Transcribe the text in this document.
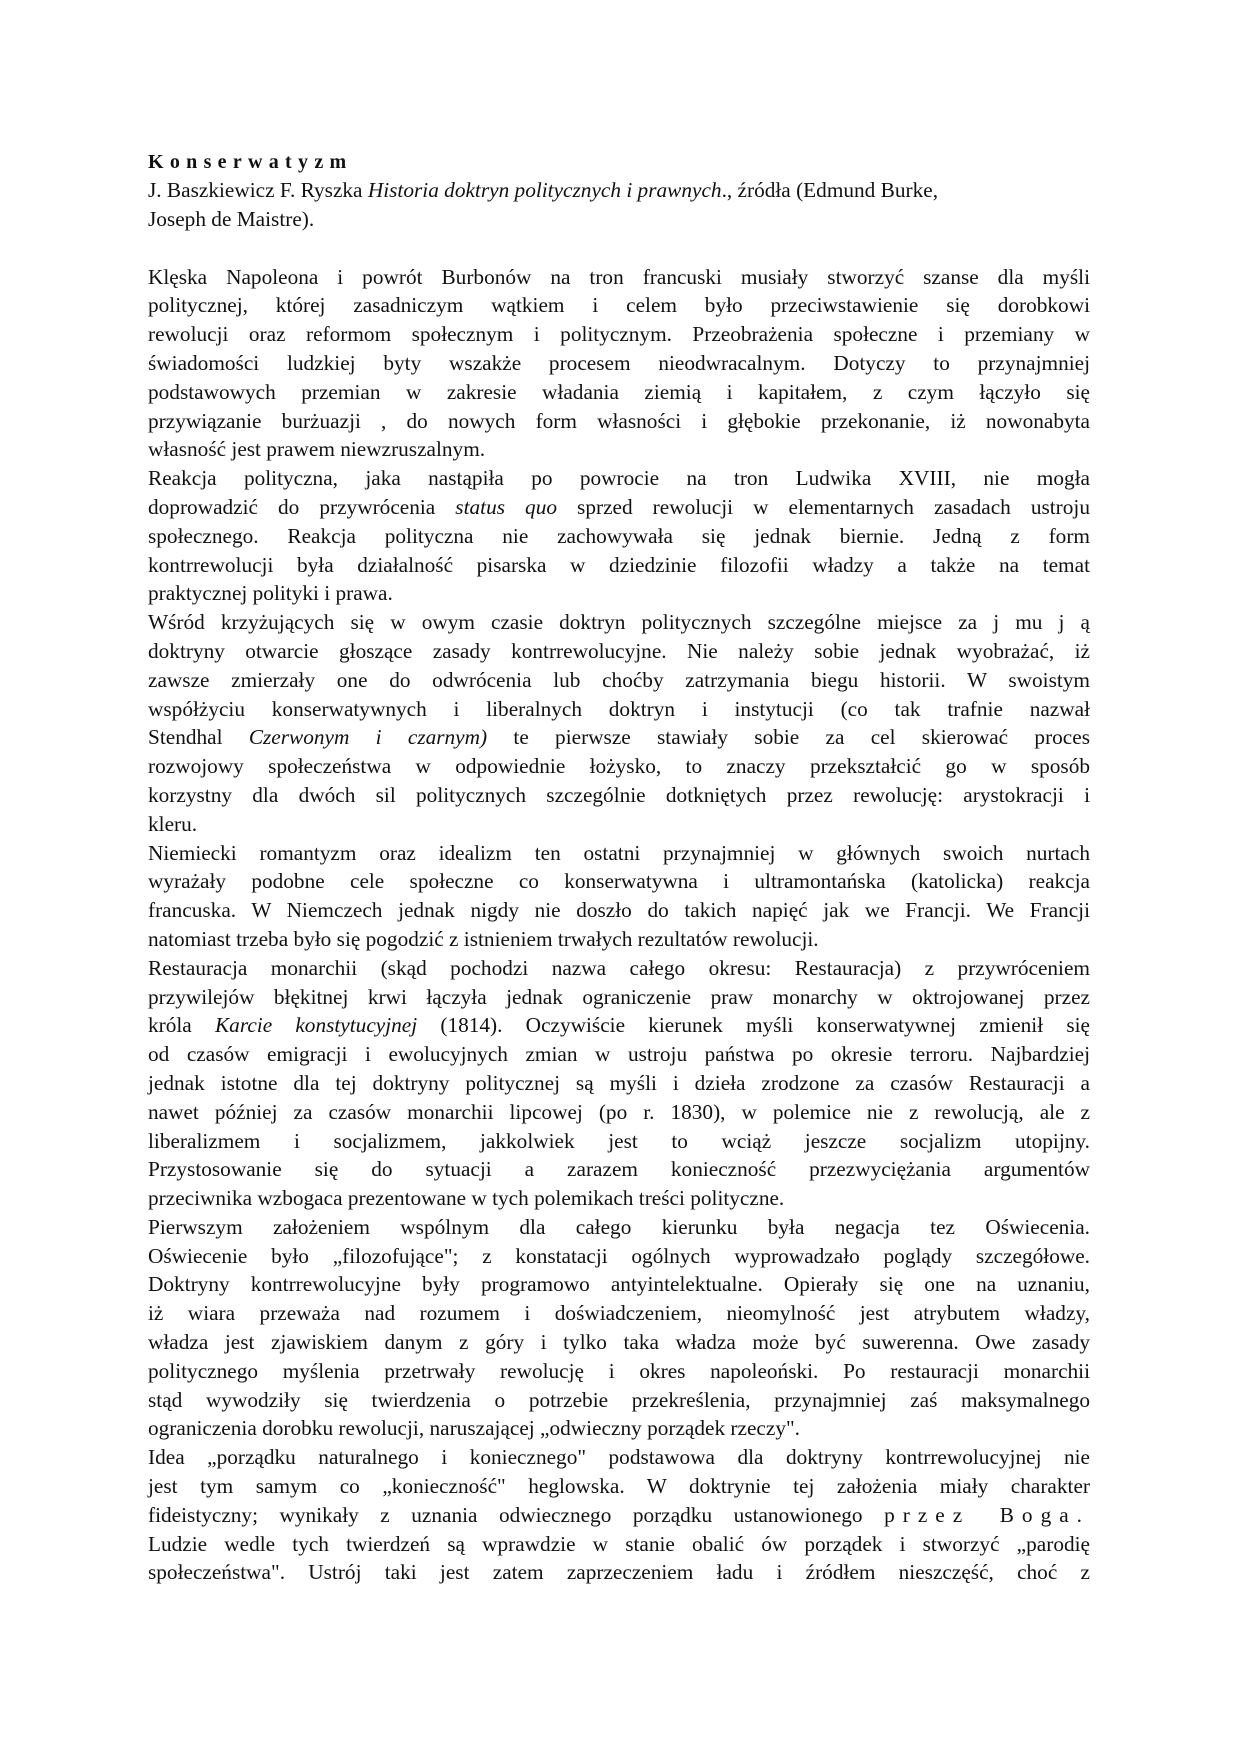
Konserwatyzm

J. Baszkiewicz F. Ryszka Historia doktryn politycznych i prawnych., źródła (Edmund Burke,

Joseph de Maistre).

Klęska Napoleona i powrót Burbonów na tron francuski musiały stworzyć szanse dla myśli

politycznej, której zasadniczym wątkiem i celem było przeciwstawienie się dorobkowi

rewolucji oraz reformom społecznym i politycznym. Przeobrażenia społeczne i przemiany w

świadomości ludzkiej byty wszakże procesem nieodwracalnym. Dotyczy to przynajmniej

podstawowych przemian w zakresie władania ziemią i kapitałem, z czym łączyło się

przywiązanie burżuazji , do nowych form własności i głębokie przekonanie, iż nowonabyta

własność jest prawem niewzruszalnym.

Reakcja polityczna, jaka nastąpiła po powrocie na tron Ludwika XVIII, nie mogła

doprowadzić do przywrócenia status quo sprzed rewolucji w elementarnych zasadach ustroju

społecznego. Reakcja polityczna nie zachowywała się jednak biernie. Jedną z form

kontrrewolucji była działalność pisarska w dziedzinie filozofii władzy a także na temat

praktycznej polityki i prawa.

Wśród krzyżujących się w owym czasie doktryn politycznych szczególne miejsce za j mu j ą

doktryny otwarcie głoszące zasady kontrrewolucyjne. Nie należy sobie jednak wyobrażać, iż

zawsze zmierzały one do odwrócenia lub choćby zatrzymania biegu historii. W swoistym

współżyciu konserwatywnych i liberalnych doktryn i instytucji (co tak trafnie nazwał

Stendhal Czerwonym i czarnym) te pierwsze stawiały sobie za cel skierować proces

rozwojowy społeczeństwa w odpowiednie łożysko, to znaczy przekształcić go w sposób

korzystny dla dwóch sil politycznych szczególnie dotkniętych przez rewolucję: arystokracji i

kleru.

Niemiecki romantyzm oraz idealizm ten ostatni przynajmniej w głównych swoich nurtach

wyrażały podobne cele społeczne co konserwatywna i ultramontańska (katolicka) reakcja

francuska. W Niemczech jednak nigdy nie doszło do takich napięć jak we Francji. We Francji

natomiast trzeba było się pogodzić z istnieniem trwałych rezultatów rewolucji.

Restauracja monarchii (skąd pochodzi nazwa całego okresu: Restauracja) z przywróceniem

przywilejów błękitnej krwi łączyła jednak ograniczenie praw monarchy w oktrojowanej przez

króla Karcie konstytucyjnej (1814). Oczywiście kierunek myśli konserwatywnej zmienił się

od czasów emigracji i ewolucyjnych zmian w ustroju państwa po okresie terroru. Najbardziej

jednak istotne dla tej doktryny politycznej są myśli i dzieła zrodzone za czasów Restauracji a

nawet później za czasów monarchii lipcowej (po r. 1830), w polemice nie z rewolucją, ale z

liberalizmem i socjalizmem, jakkolwiek jest to wciąż jeszcze socjalizm utopijny.

Przystosowanie się do sytuacji a zarazem konieczność przezwyciężania argumentów

przeciwnika wzbogaca prezentowane w tych polemikach treści polityczne.

Pierwszym założeniem wspólnym dla całego kierunku była negacja tez Oświecenia.

Oświecenie było „filozofujące"; z konstatacji ogólnych wyprowadzało poglądy szczegółowe.

Doktryny kontrrewolucyjne były programowo antyintelektualne. Opierały się one na uznaniu,

iż wiara przeważa nad rozumem i doświadczeniem, nieomylność jest atrybutem władzy,

władza jest zjawiskiem danym z góry i tylko taka władza może być suwerenna. Owe zasady

politycznego myślenia przetrwały rewolucję i okres napoleoński. Po restauracji monarchii

stąd wywodziły się twierdzenia o potrzebie przekreślenia, przynajmniej zaś maksymalnego

ograniczenia dorobku rewolucji, naruszającej „odwieczny porządek rzeczy".

Idea „porządku naturalnego i koniecznego" podstawowa dla doktryny kontrrewolucyjnej nie

jest tym samym co „konieczność" heglowska. W doktrynie tej założenia miały charakter

fideistyczny; wynikały z uznania odwiecznego porządku ustanowionego przez Boga.

Ludzie wedle tych twierdzeń są wprawdzie w stanie obalić ów porządek i stworzyć „parodię

społeczeństwa". Ustrój taki jest zatem zaprzeczeniem ładu i źródłem nieszczęść, choć z
